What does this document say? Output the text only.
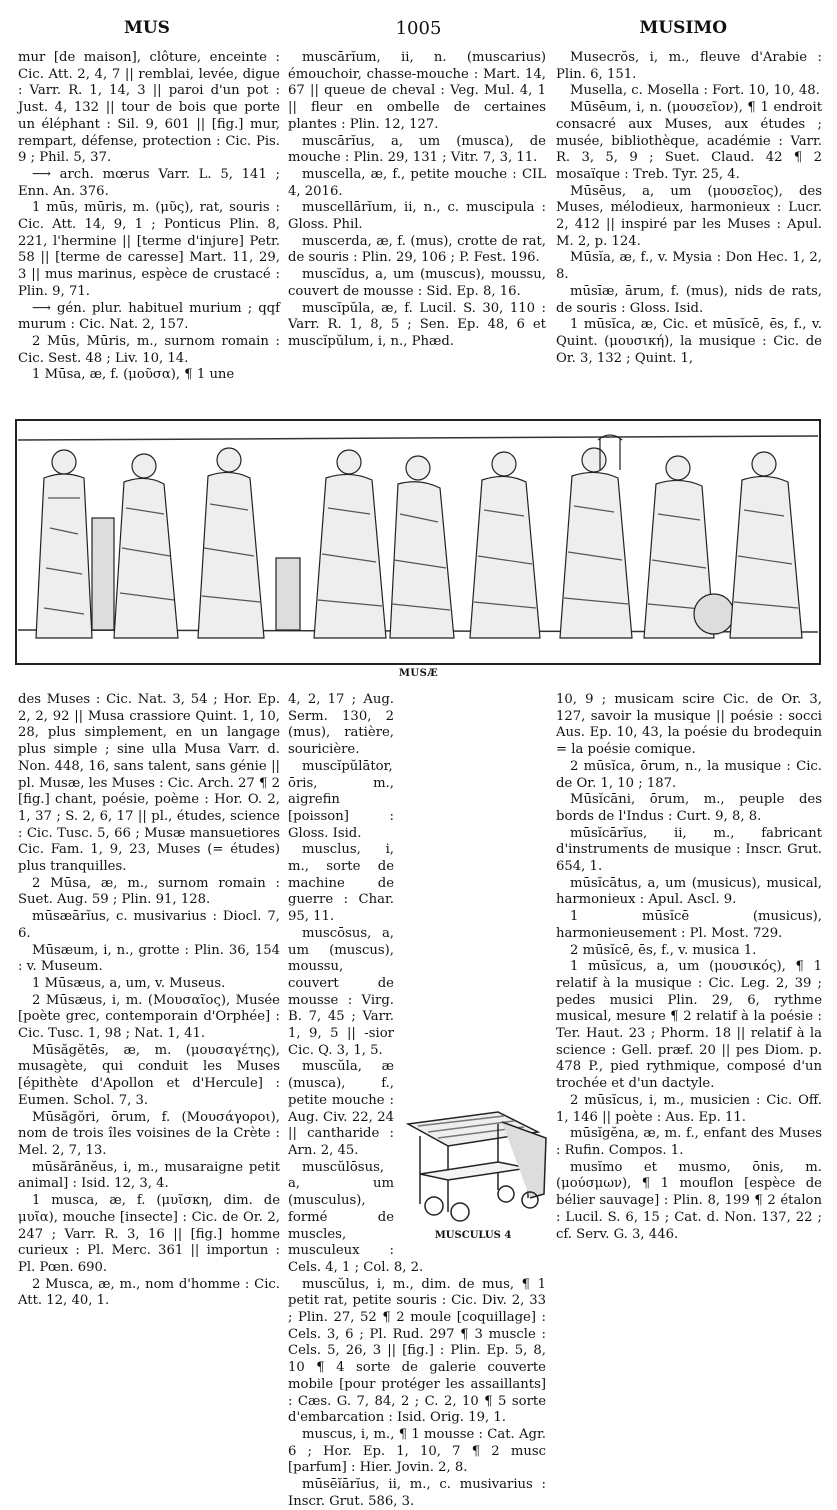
1005
MUS	MUSIMO

mur [de maison], clôture, enceinte : Cic. Att. 2, 4, 7 || remblai, levée, digue : Varr. R. 1, 14, 3 || paroi d'un pot : Just. 4, 132 || tour de bois que porte un éléphant : Sil. 9, 601 || [fig.] mur, rempart, défense, protection : Cic. Pis. 9 ; Phil. 5, 37.

⟶ arch. mœrus Varr. L. 5, 141 ; Enn. An. 376.

1 mūs, mūris, m. (μῦς), rat, souris : Cic. Att. 14, 9, 1 ; Ponticus Plin. 8, 221, l'hermine || [terme d'injure] Petr. 58 || [terme de caresse] Mart. 11, 29, 3 || mus marinus, espèce de crustacé : Plin. 9, 71.

⟶ gén. plur. habituel murium ; qqf murum : Cic. Nat. 2, 157.

2 Mūs, Mūris, m., surnom romain : Cic. Sest. 48 ; Liv. 10, 14.

1 Mūsa, æ, f. (μοῦσα), ¶ 1 une

muscārĭum, ii, n. (muscarius) émouchoir, chasse-mouche : Mart. 14, 67 || queue de cheval : Veg. Mul. 4, 1 || fleur en ombelle de certaines plantes : Plin. 12, 127.

muscārĭus, a, um (musca), de mouche : Plin. 29, 131 ; Vitr. 7, 3, 11.

muscella, æ, f., petite mouche : CIL 4, 2016.

muscellārĭum, ii, n., c. muscipula : Gloss. Phil.

muscerda, æ, f. (mus), crotte de rat, de souris : Plin. 29, 106 ; P. Fest. 196.

muscĭdus, a, um (muscus), moussu, couvert de mousse : Sid. Ep. 8, 16.

muscĭpŭla, æ, f. Lucil. S. 30, 110 : Varr. R. 1, 8, 5 ; Sen. Ep. 48, 6 et muscĭpŭlum, i, n., Phæd.

Musecrŏs, i, m., fleuve d'Arabie : Plin. 6, 151.

Musella, c. Mosella : Fort. 10, 10, 48.

Mūsēum, i, n. (μουσεῖον), ¶ 1 endroit consacré aux Muses, aux études ; musée, bibliothèque, académie : Varr. R. 3, 5, 9 ; Suet. Claud. 42 ¶ 2 mosaïque : Treb. Tyr. 25, 4.

Mūsēus, a, um (μουσεῖος), des Muses, mélodieux, harmonieux : Lucr. 2, 412 || inspiré par les Muses : Apul. M. 2, p. 124.

Mūsĭa, æ, f., v. Mysia : Don Hec. 1, 2, 8.

mūsīæ, ārum, f. (mus), nids de rats, de souris : Gloss. Isid.

1 mūsĭca, æ, Cic. et mūsĭcē, ēs, f., v. Quint. (μουσική), la musique : Cic. de Or. 3, 132 ; Quint. 1,

MUSÆ

des Muses : Cic. Nat. 3, 54 ; Hor. Ep. 2, 2, 92 || Musa crassiore Quint. 1, 10, 28, plus simplement, en un langage plus simple ; sine ulla Musa Varr. d. Non. 448, 16, sans talent, sans génie || pl. Musæ, les Muses : Cic. Arch. 27 ¶ 2 [fig.] chant, poésie, poème : Hor. O. 2, 1, 37 ; S. 2, 6, 17 || pl., études, science : Cic. Tusc. 5, 66 ; Musæ mansuetiores Cic. Fam. 1, 9, 23, Muses (= études) plus tranquilles.

2 Mūsa, æ, m., surnom romain : Suet. Aug. 59 ; Plin. 91, 128.

mūsæārĭus, c. musivarius : Diocl. 7, 6.

Mūsæum, i, n., grotte : Plin. 36, 154 : v. Museum.

1 Mūsæus, a, um, v. Museus.

2 Mūsæus, i, m. (Μουσαῖος), Musée [poète grec, contemporain d'Orphée] : Cic. Tusc. 1, 98 ; Nat. 1, 41.

Mūsăgĕtēs, æ, m. (μουσαγέτης), musagète, qui conduit les Muses [épithète d'Apollon et d'Hercule] : Eumen. Schol. 7, 3.

Mūsăgŏri, ōrum, f. (Μουσάγοροι), nom de trois îles voisines de la Crète : Mel. 2, 7, 13.

mūsărānĕus, i, m., musaraigne petit animal] : Isid. 12, 3, 4.

1 musca, æ, f. (μυῖσκη, dim. de μυῖα), mouche [insecte] : Cic. de Or. 2, 247 ; Varr. R. 3, 16 || [fig.] homme curieux : Pl. Merc. 361 || importun : Pl. Pœn. 690.

2 Musca, æ, m., nom d'homme : Cic. Att. 12, 40, 1.

4, 2, 17 ; Aug. Serm. 130, 2 (mus), ratière, souricière.

muscĭpŭlātor, ōris, m., aigrefin [poisson] : Gloss. Isid.

musclus, i, m., sorte de machine de guerre : Char. 95, 11.

muscōsus, a, um (muscus), moussu, couvert de mousse : Virg. B. 7, 45 ; Varr. 1, 9, 5 || -sior Cic. Q. 3, 1, 5.

muscŭla, æ (musca), f., petite mouche : Aug. Civ. 22, 24 || cantharide : Arn. 2, 45.

muscŭlōsus, a, um (musculus), formé de muscles, musculeux : Cels. 4, 1 ; Col. 8, 2.

muscŭlus, i, m., dim. de mus, ¶ 1 petit rat, petite souris : Cic. Div. 2, 33 ; Plin. 27, 52 ¶ 2 moule [coquillage] : Cels. 3, 6 ; Pl. Rud. 297 ¶ 3 muscle : Cels. 5, 26, 3 || [fig.] : Plin. Ep. 5, 8, 10 ¶ 4 sorte de galerie couverte mobile [pour protéger les assaillants] : Cæs. G. 7, 84, 2 ; C. 2, 10 ¶ 5 sorte d'embarcation : Isid. Orig. 19, 1.

muscus, i, m., ¶ 1 mousse : Cat. Agr. 6 ; Hor. Ep. 1, 10, 7 ¶ 2 musc [parfum] : Hier. Jovin. 2, 8.

mūsēĭārĭus, ii, m., c. musivarius : Inscr. Grut. 586, 3.

MUSCULUS 4

10, 9 ; musicam scire Cic. de Or. 3, 127, savoir la musique || poésie : socci Aus. Ep. 10, 43, la poésie du brodequin = la poésie comique.

2 mūsĭca, ōrum, n., la musique : Cic. de Or. 1, 10 ; 187.

Mūsĭcāni, ōrum, m., peuple des bords de l'Indus : Curt. 9, 8, 8.

mūsĭcārĭus, ii, m., fabricant d'instruments de musique : Inscr. Grut. 654, 1.

mūsĭcātus, a, um (musicus), musical, harmonieux : Apul. Ascl. 9.

1 mūsĭcē (musicus), harmonieusement : Pl. Most. 729.

2 mūsĭcē, ēs, f., v. musica 1.

1 mūsĭcus, a, um (μουσικός), ¶ 1 relatif à la musique : Cic. Leg. 2, 39 ; pedes musici Plin. 29, 6, rythme musical, mesure ¶ 2 relatif à la poésie : Ter. Haut. 23 ; Phorm. 18 || relatif à la science : Gell. præf. 20 || pes Diom. p. 478 P., pied rythmique, composé d'un trochée et d'un dactyle.

2 mūsĭcus, i, m., musicien : Cic. Off. 1, 146 || poète : Aus. Ep. 11.

mūsĭgĕna, æ, m. f., enfant des Muses : Rufin. Compos. 1.

musĭmo et musmo, ōnis, m. (μούσμων), ¶ 1 mouflon [espèce de bélier sauvage] : Plin. 8, 199 ¶ 2 étalon : Lucil. S. 6, 15 ; Cat. d. Non. 137, 22 ; cf. Serv. G. 3, 446.
